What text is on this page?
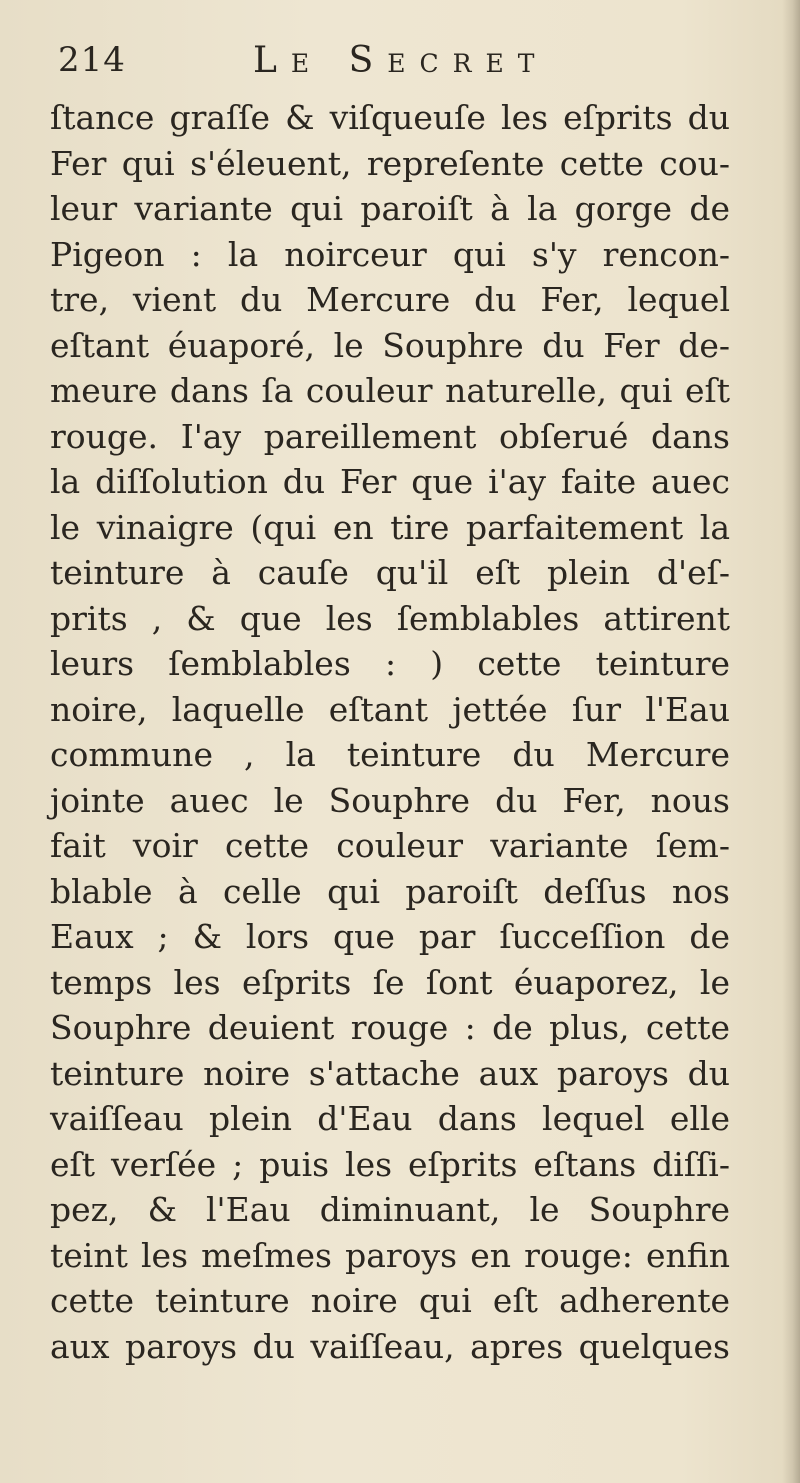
214	Le Secret
ſtance graſſe & viſqueuſe les eſprits du
Fer qui s'éleuent, repreſente cette cou-
leur variante qui paroiſt à la gorge de
Pigeon : la noirceur qui s'y rencon-
tre, vient du Mercure du Fer, lequel
eſtant éuaporé, le Souphre du Fer de-
meure dans ſa couleur naturelle, qui eſt
rouge. I'ay pareillement obſerué dans
la diſſolution du Fer que i'ay faite auec
le vinaigre (qui en tire parfaitement la
teinture à cauſe qu'il eſt plein d'eſ-
prits , & que les ſemblables attirent
leurs ſemblables : ) cette teinture
noire, laquelle eſtant jettée ſur l'Eau
commune , la teinture du Mercure
jointe auec le Souphre du Fer, nous
fait voir cette couleur variante ſem-
blable à celle qui paroiſt deſſus nos
Eaux ; & lors que par ſucceſſion de
temps les eſprits ſe ſont éuaporez, le
Souphre deuient rouge : de plus, cette
teinture noire s'attache aux paroys du
vaiſſeau plein d'Eau dans lequel elle
eſt verſée ; puis les eſprits eſtans diſſi-
pez, & l'Eau diminuant, le Souphre
teint les meſmes paroys en rouge: enfin
cette teinture noire qui eſt adherente
aux paroys du vaiſſeau, apres quelques
